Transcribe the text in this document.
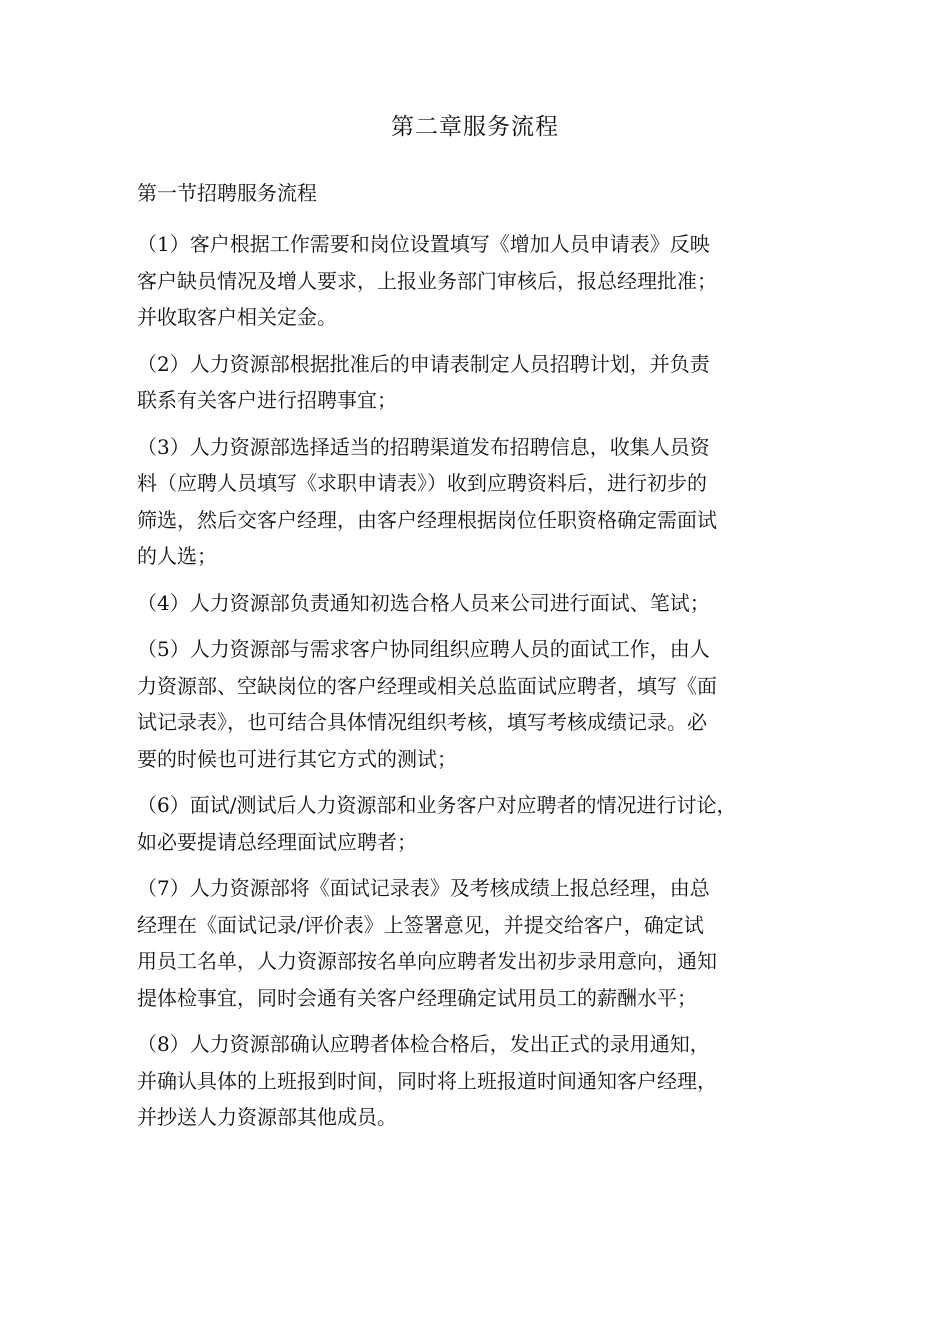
第二章服务流程
第一节招聘服务流程

（1）客户根据工作需要和岗位设置填写《增加人员申请表》反映
客户缺员情况及增人要求，上报业务部门审核后，报总经理批准；
并收取客户相关定金。

（2）人力资源部根据批准后的申请表制定人员招聘计划，并负责
联系有关客户进行招聘事宜；

（3）人力资源部选择适当的招聘渠道发布招聘信息，收集人员资
料（应聘人员填写《求职申请表》）收到应聘资料后，进行初步的
筛选，然后交客户经理，由客户经理根据岗位任职资格确定需面试
的人选；

（4）人力资源部负责通知初选合格人员来公司进行面试、笔试；

（5）人力资源部与需求客户协同组织应聘人员的面试工作，由人
力资源部、空缺岗位的客户经理或相关总监面试应聘者，填写《面
试记录表》，也可结合具体情况组织考核，填写考核成绩记录。必
要的时候也可进行其它方式的测试；

（6）面试/测试后人力资源部和业务客户对应聘者的情况进行讨论，
如必要提请总经理面试应聘者；

（7）人力资源部将《面试记录表》及考核成绩上报总经理，由总
经理在《面试记录/评价表》上签署意见，并提交给客户，确定试
用员工名单，人力资源部按名单向应聘者发出初步录用意向，通知
提体检事宜，同时会通有关客户经理确定试用员工的薪酬水平；

（8）人力资源部确认应聘者体检合格后，发出正式的录用通知，
并确认具体的上班报到时间，同时将上班报道时间通知客户经理，
并抄送人力资源部其他成员。
